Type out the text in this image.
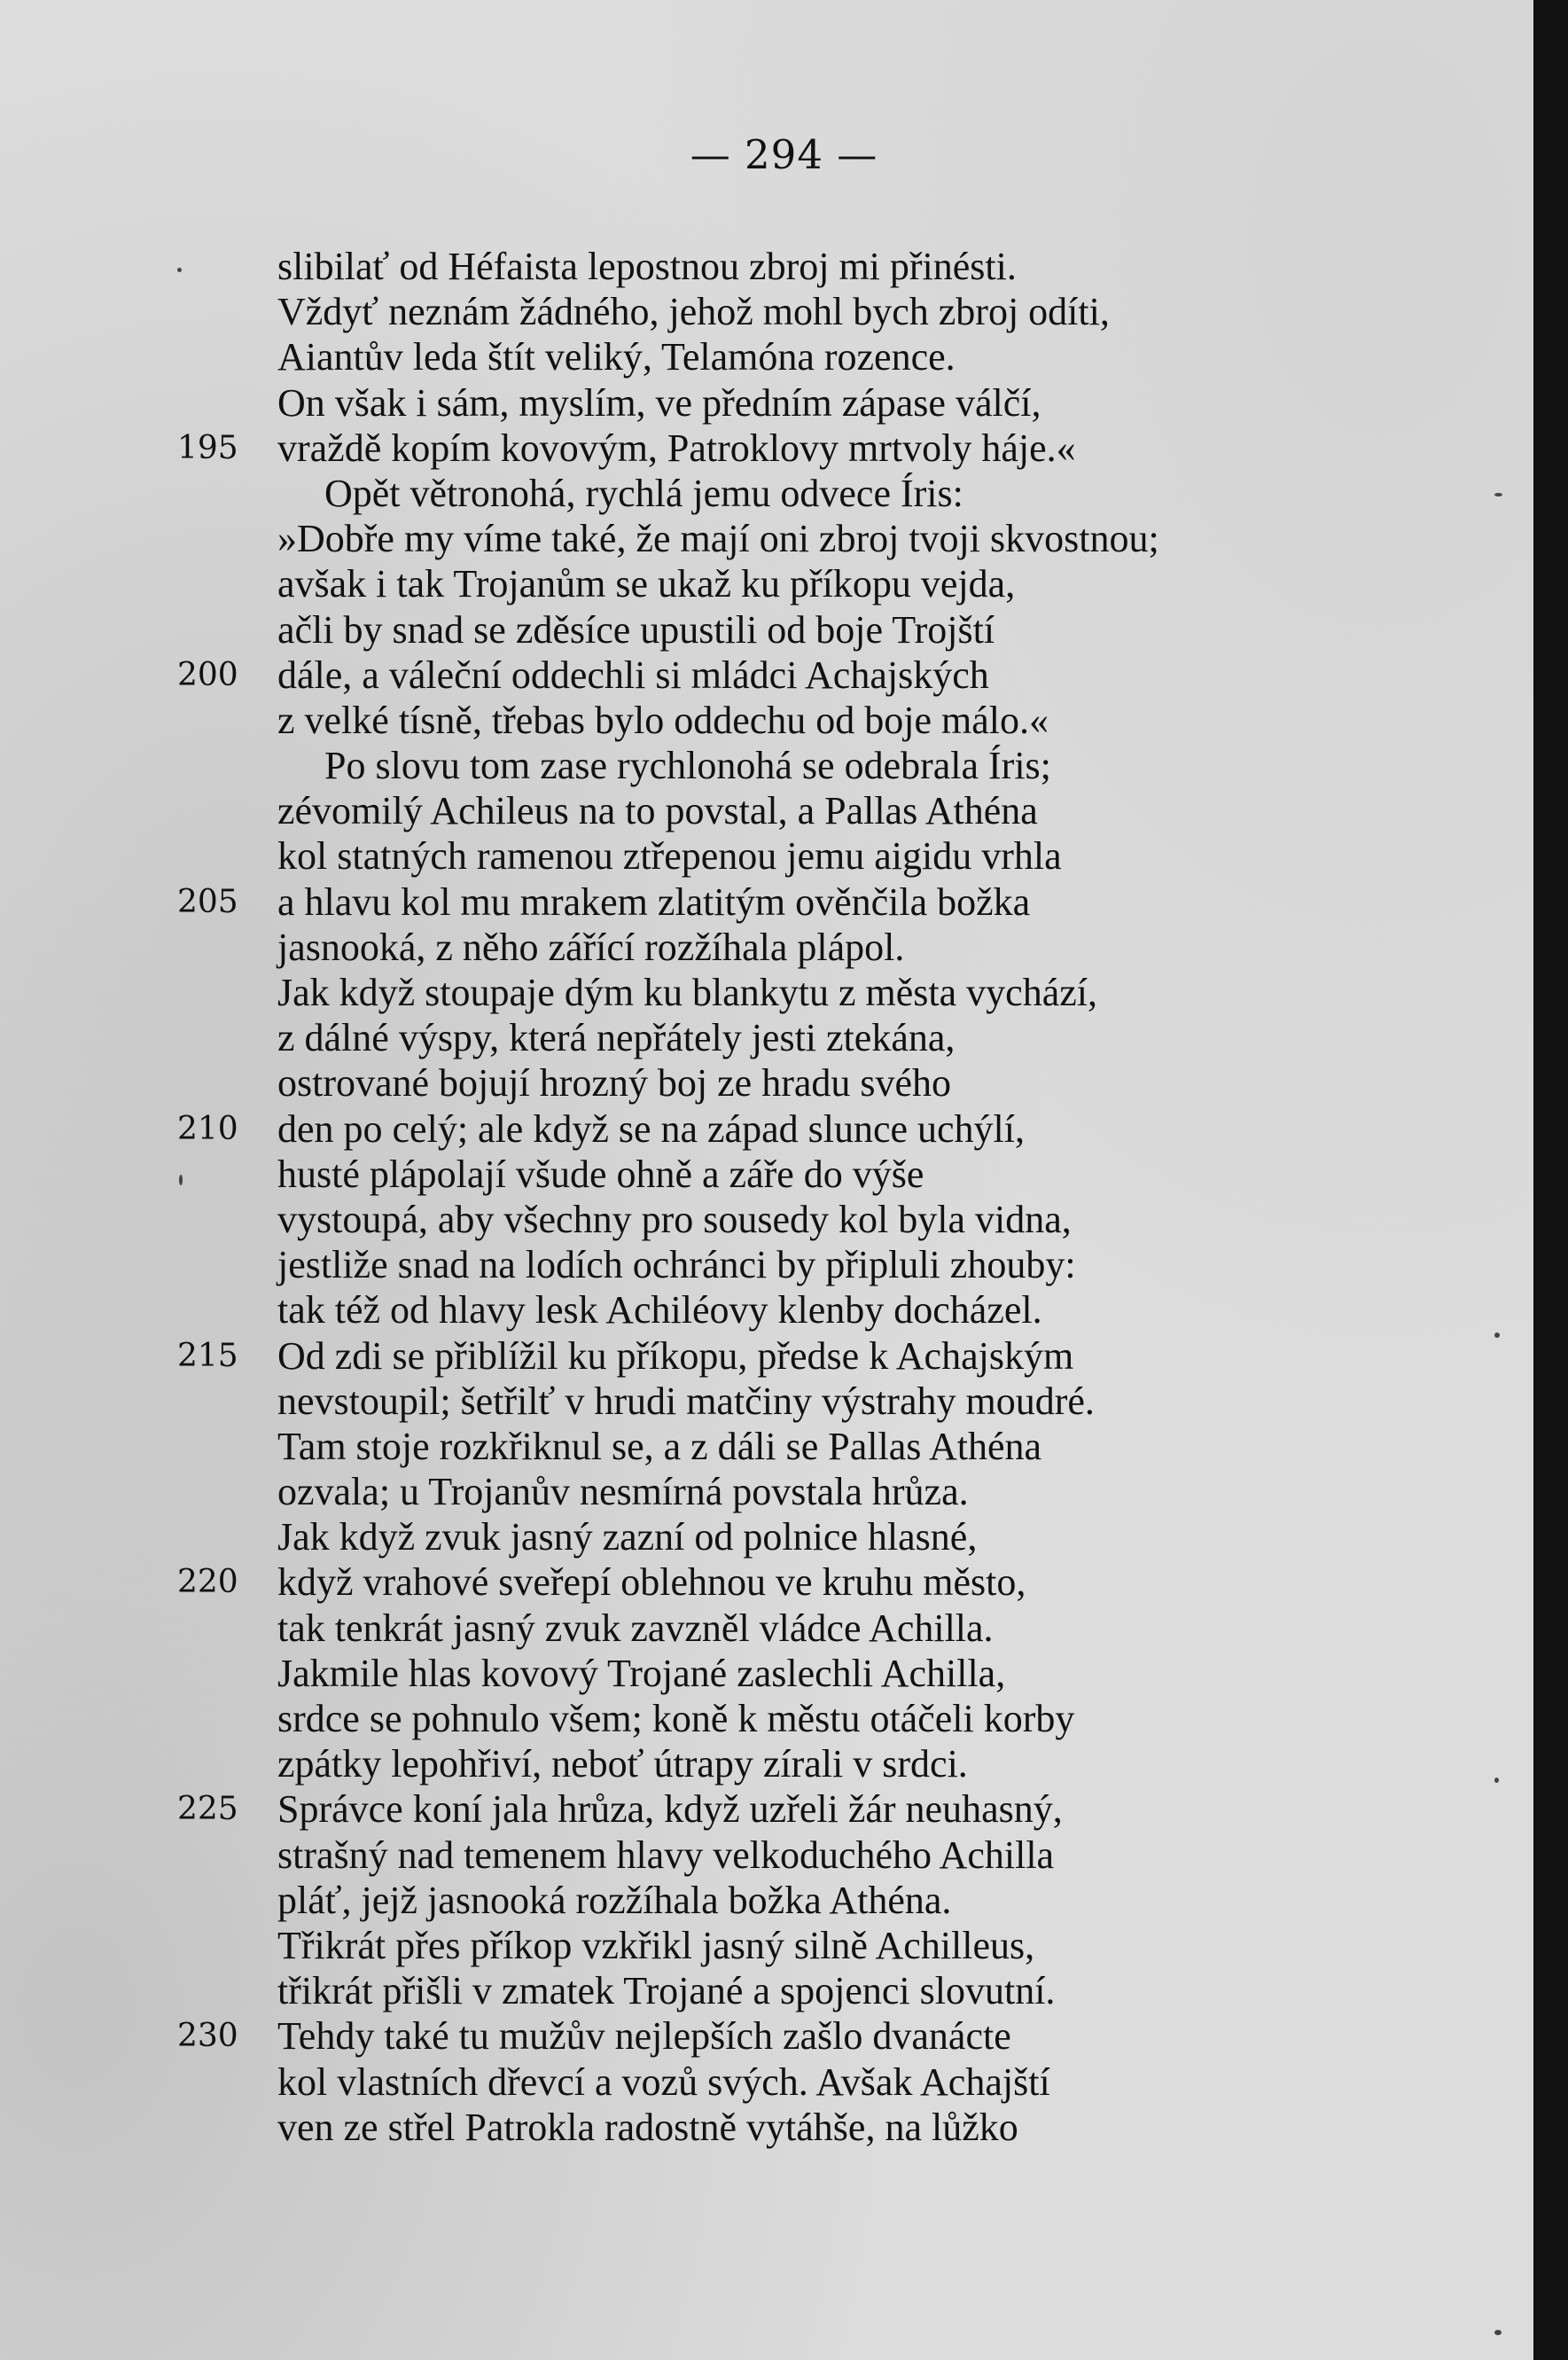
— 294 —
slibilať od Héfaista lepostnou zbroj mi přinésti.
Vždyť neznám žádného, jehož mohl bych zbroj odíti,
Aiantův leda štít veliký, Telamóna rozence.
On však i sám, myslím, ve předním zápase válčí,
195	vraždě kopím kovovým, Patroklovy mrtvoly háje.«
Opět větronohá, rychlá jemu odvece Íris:
»Dobře my víme také, že mají oni zbroj tvoji skvostnou;
avšak i tak Trojanům se ukaž ku příkopu vejda,
ačli by snad se zděsíce upustili od boje Trojští
200	dále, a váleční oddechli si mládci Achajských
z velké tísně, třebas bylo oddechu od boje málo.«
Po slovu tom zase rychlonohá se odebrala Íris;
zévomilý Achileus na to povstal, a Pallas Athéna
kol statných ramenou ztřepenou jemu aigidu vrhla
205	a hlavu kol mu mrakem zlatitým ověnčila božka
jasnooká, z něho zářící rozžíhala plápol.
Jak když stoupaje dým ku blankytu z města vychází,
z dálné výspy, která nepřátely jesti ztekána,
ostrované bojují hrozný boj ze hradu svého
210	den po celý; ale když se na západ slunce uchýlí,
husté plápolají všude ohně a záře do výše
vystoupá, aby všechny pro sousedy kol byla vidna,
jestliže snad na lodích ochránci by připluli zhouby:
tak též od hlavy lesk Achiléovy klenby docházel.
215	Od zdi se přiblížil ku příkopu, předse k Achajským
nevstoupil; šetřilť v hrudi matčiny výstrahy moudré.
Tam stoje rozkřiknul se, a z dáli se Pallas Athéna
ozvala; u Trojanův nesmírná povstala hrůza.
Jak když zvuk jasný zazní od polnice hlasné,
220	když vrahové sveřepí oblehnou ve kruhu město,
tak tenkrát jasný zvuk zavzněl vládce Achilla.
Jakmile hlas kovový Trojané zaslechli Achilla,
srdce se pohnulo všem; koně k městu otáčeli korby
zpátky lepohřiví, neboť útrapy zírali v srdci.
225	Správce koní jala hrůza, když uzřeli žár neuhasný,
strašný nad temenem hlavy velkoduchého Achilla
pláť, jejž jasnooká rozžíhala božka Athéna.
Třikrát přes příkop vzkřikl jasný silně Achilleus,
třikrát přišli v zmatek Trojané a spojenci slovutní.
230	Tehdy také tu mužův nejlepších zašlo dvanácte
kol vlastních dřevcí a vozů svých. Avšak Achajští
ven ze střel Patrokla radostně vytáhše, na lůžko
